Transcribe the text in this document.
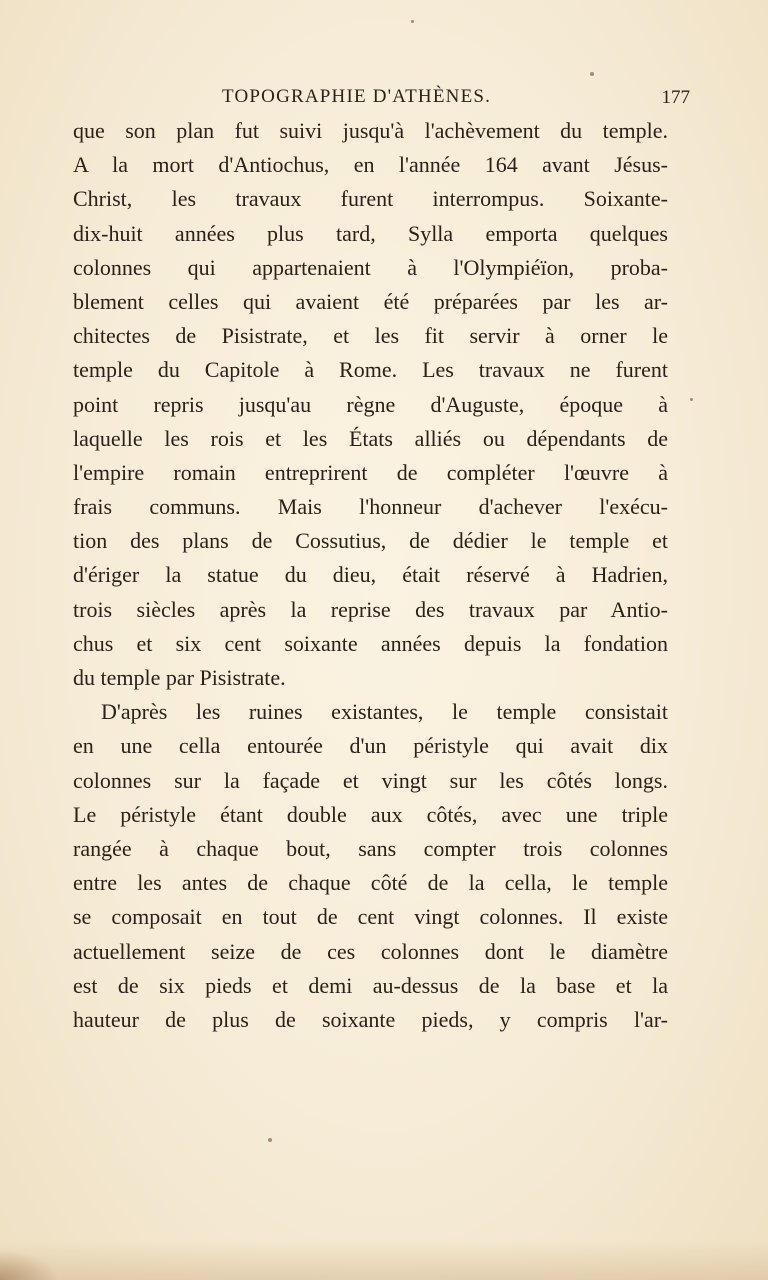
TOPOGRAPHIE D'ATHÈNES.	177
que son plan fut suivi jusqu'à l'achèvement du temple.
A la mort d'Antiochus, en l'année 164 avant Jésus-
Christ, les travaux furent interrompus. Soixante-
dix-huit années plus tard, Sylla emporta quelques
colonnes qui appartenaient à l'Olympiéïon, proba-
blement celles qui avaient été préparées par les ar-
chitectes de Pisistrate, et les fit servir à orner le
temple du Capitole à Rome. Les travaux ne furent
point repris jusqu'au règne d'Auguste, époque à
laquelle les rois et les États alliés ou dépendants de
l'empire romain entreprirent de compléter l'œuvre à
frais communs. Mais l'honneur d'achever l'exécu-
tion des plans de Cossutius, de dédier le temple et
d'ériger la statue du dieu, était réservé à Hadrien,
trois siècles après la reprise des travaux par Antio-
chus et six cent soixante années depuis la fondation
du temple par Pisistrate.
D'après les ruines existantes, le temple consistait
en une cella entourée d'un péristyle qui avait dix
colonnes sur la façade et vingt sur les côtés longs.
Le péristyle étant double aux côtés, avec une triple
rangée à chaque bout, sans compter trois colonnes
entre les antes de chaque côté de la cella, le temple
se composait en tout de cent vingt colonnes. Il existe
actuellement seize de ces colonnes dont le diamètre
est de six pieds et demi au-dessus de la base et la
hauteur de plus de soixante pieds, y compris l'ar-
